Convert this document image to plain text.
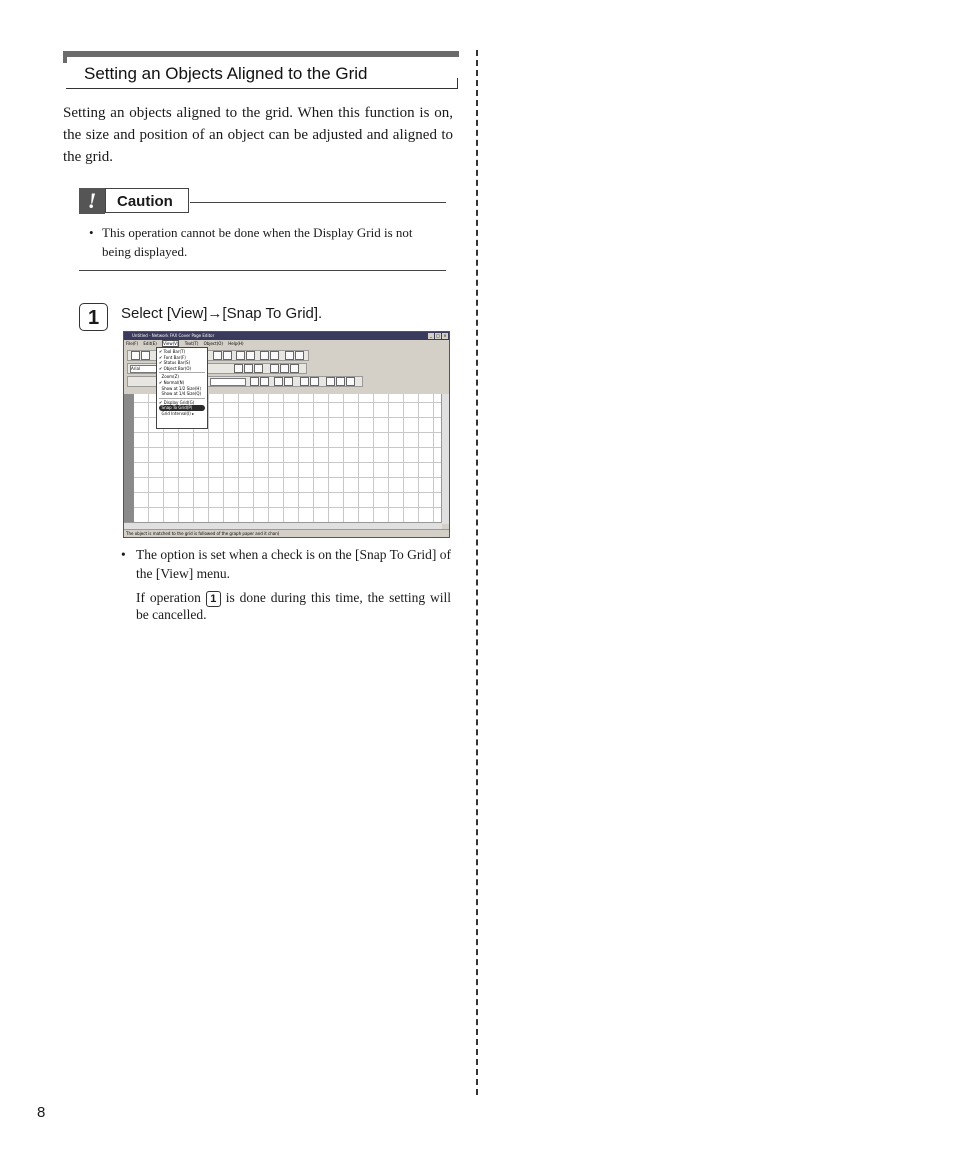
Setting an Objects Aligned to the Grid
Setting an objects aligned to the grid. When this function is on, the size and position of an object can be adjusted and aligned to the grid.
!	Caution
• This operation cannot be done when the Display Grid is not being displayed.
1	Select [View]→[Snap To Grid].
Untitled - Network FAX Cover Page Editor	_ □ ×
File(F) Edit(E) View(V) Text(T) Object(O) Help(H)
Arial
The object is matched to the grid is followed of the graph paper and it chan)
✔ Tool Bar(T)
✔ Font Bar(F)
✔ Status Bar(S)
✔ Object Bar(O)
Zoom(Z)
✔ Normal(N)
Show at 1/2 Size(H)
Show at 1/4 Size(Q)
✔ Display Grid(G)
Snap To Grid(P)
Grid Interval(I) ▸
• The option is set when a check is on the [Snap To Grid] of the [View] menu.
If operation 1 is done during this time, the setting will be cancelled.
8
